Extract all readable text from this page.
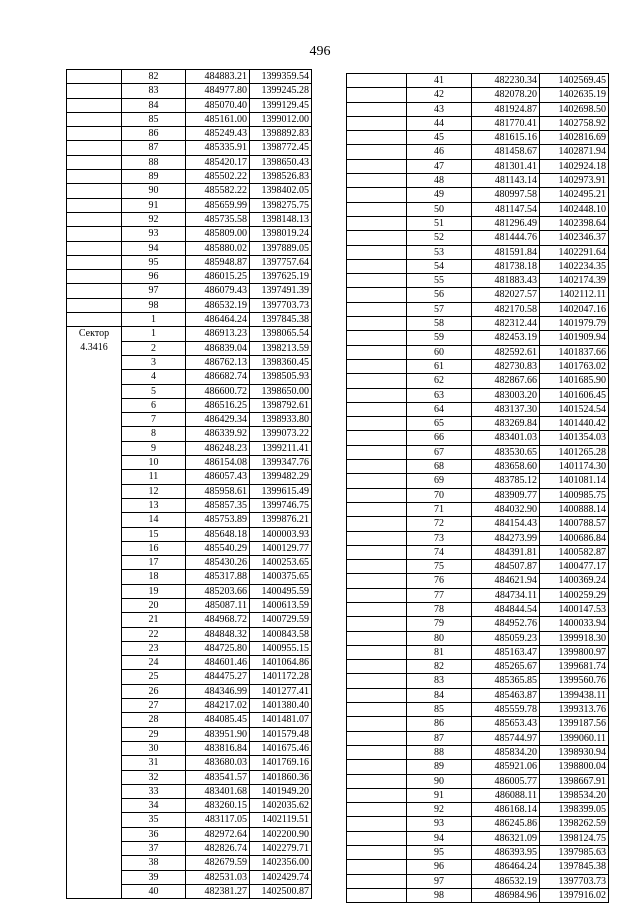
496
	82	484883.21	1399359.54
	83	484977.80	1399245.28
	84	485070.40	1399129.45
	85	485161.00	1399012.00
	86	485249.43	1398892.83
	87	485335.91	1398772.45
	88	485420.17	1398650.43
	89	485502.22	1398526.83
	90	485582.22	1398402.05
	91	485659.99	1398275.75
	92	485735.58	1398148.13
	93	485809.00	1398019.24
	94	485880.02	1397889.05
	95	485948.87	1397757.64
	96	486015.25	1397625.19
	97	486079.43	1397491.39
	98	486532.19	1397703.73
	1	486464.24	1397845.38

Сектор
4.3416	1	486913.23	1398065.54
	2	486839.04	1398213.59
	3	486762.13	1398360.45
	4	486682.74	1398505.93
	5	486600.72	1398650.00
	6	486516.25	1398792.61
	7	486429.34	1398933.80
	8	486339.92	1399073.22
	9	486248.23	1399211.41
	10	486154.08	1399347.76
	11	486057.43	1399482.29
	12	485958.61	1399615.49
	13	485857.35	1399746.75
	14	485753.89	1399876.21
	15	485648.18	1400003.93
	16	485540.29	1400129.77
	17	485430.26	1400253.65
	18	485317.88	1400375.65
	19	485203.66	1400495.59
	20	485087.11	1400613.59
	21	484968.72	1400729.59
	22	484848.32	1400843.58
	23	484725.80	1400955.15
	24	484601.46	1401064.86
	25	484475.27	1401172.28
	26	484346.99	1401277.41
	27	484217.02	1401380.40
	28	484085.45	1401481.07
	29	483951.90	1401579.48
	30	483816.84	1401675.46
	31	483680.03	1401769.16
	32	483541.57	1401860.36
	33	483401.68	1401949.20
	34	483260.15	1402035.62
	35	483117.05	1402119.51
	36	482972.64	1402200.90
	37	482826.74	1402279.71
	38	482679.59	1402356.00
	39	482531.03	1402429.74
	40	482381.27	1402500.87
	41	482230.34	1402569.45
	42	482078.20	1402635.19
	43	481924.87	1402698.50
	44	481770.41	1402758.92
	45	481615.16	1402816.69
	46	481458.67	1402871.94
	47	481301.41	1402924.18
	48	481143.14	1402973.91
	49	480997.58	1402495.21
	50	481147.54	1402448.10
	51	481296.49	1402398.64
	52	481444.76	1402346.37
	53	481591.84	1402291.64
	54	481738.18	1402234.35
	55	481883.43	1402174.39
	56	482027.57	1402112.11
	57	482170.58	1402047.16
	58	482312.44	1401979.79
	59	482453.19	1401909.94
	60	482592.61	1401837.66
	61	482730.83	1401763.02
	62	482867.66	1401685.90
	63	483003.20	1401606.45
	64	483137.30	1401524.54
	65	483269.84	1401440.42
	66	483401.03	1401354.03
	67	483530.65	1401265.28
	68	483658.60	1401174.30
	69	483785.12	1401081.14
	70	483909.77	1400985.75
	71	484032.90	1400888.14
	72	484154.43	1400788.57
	73	484273.99	1400686.84
	74	484391.81	1400582.87
	75	484507.87	1400477.17
	76	484621.94	1400369.24
	77	484734.11	1400259.29
	78	484844.54	1400147.53
	79	484952.76	1400033.94
	80	485059.23	1399918.30
	81	485163.47	1399800.97
	82	485265.67	1399681.74
	83	485365.85	1399560.76
	84	485463.87	1399438.11
	85	485559.78	1399313.76
	86	485653.43	1399187.56
	87	485744.97	1399060.11
	88	485834.20	1398930.94
	89	485921.06	1398800.04
	90	486005.77	1398667.91
	91	486088.11	1398534.20
	92	486168.14	1398399.05
	93	486245.86	1398262.59
	94	486321.09	1398124.75
	95	486393.95	1397985.63
	96	486464.24	1397845.38
	97	486532.19	1397703.73
	98	486984.96	1397916.02
